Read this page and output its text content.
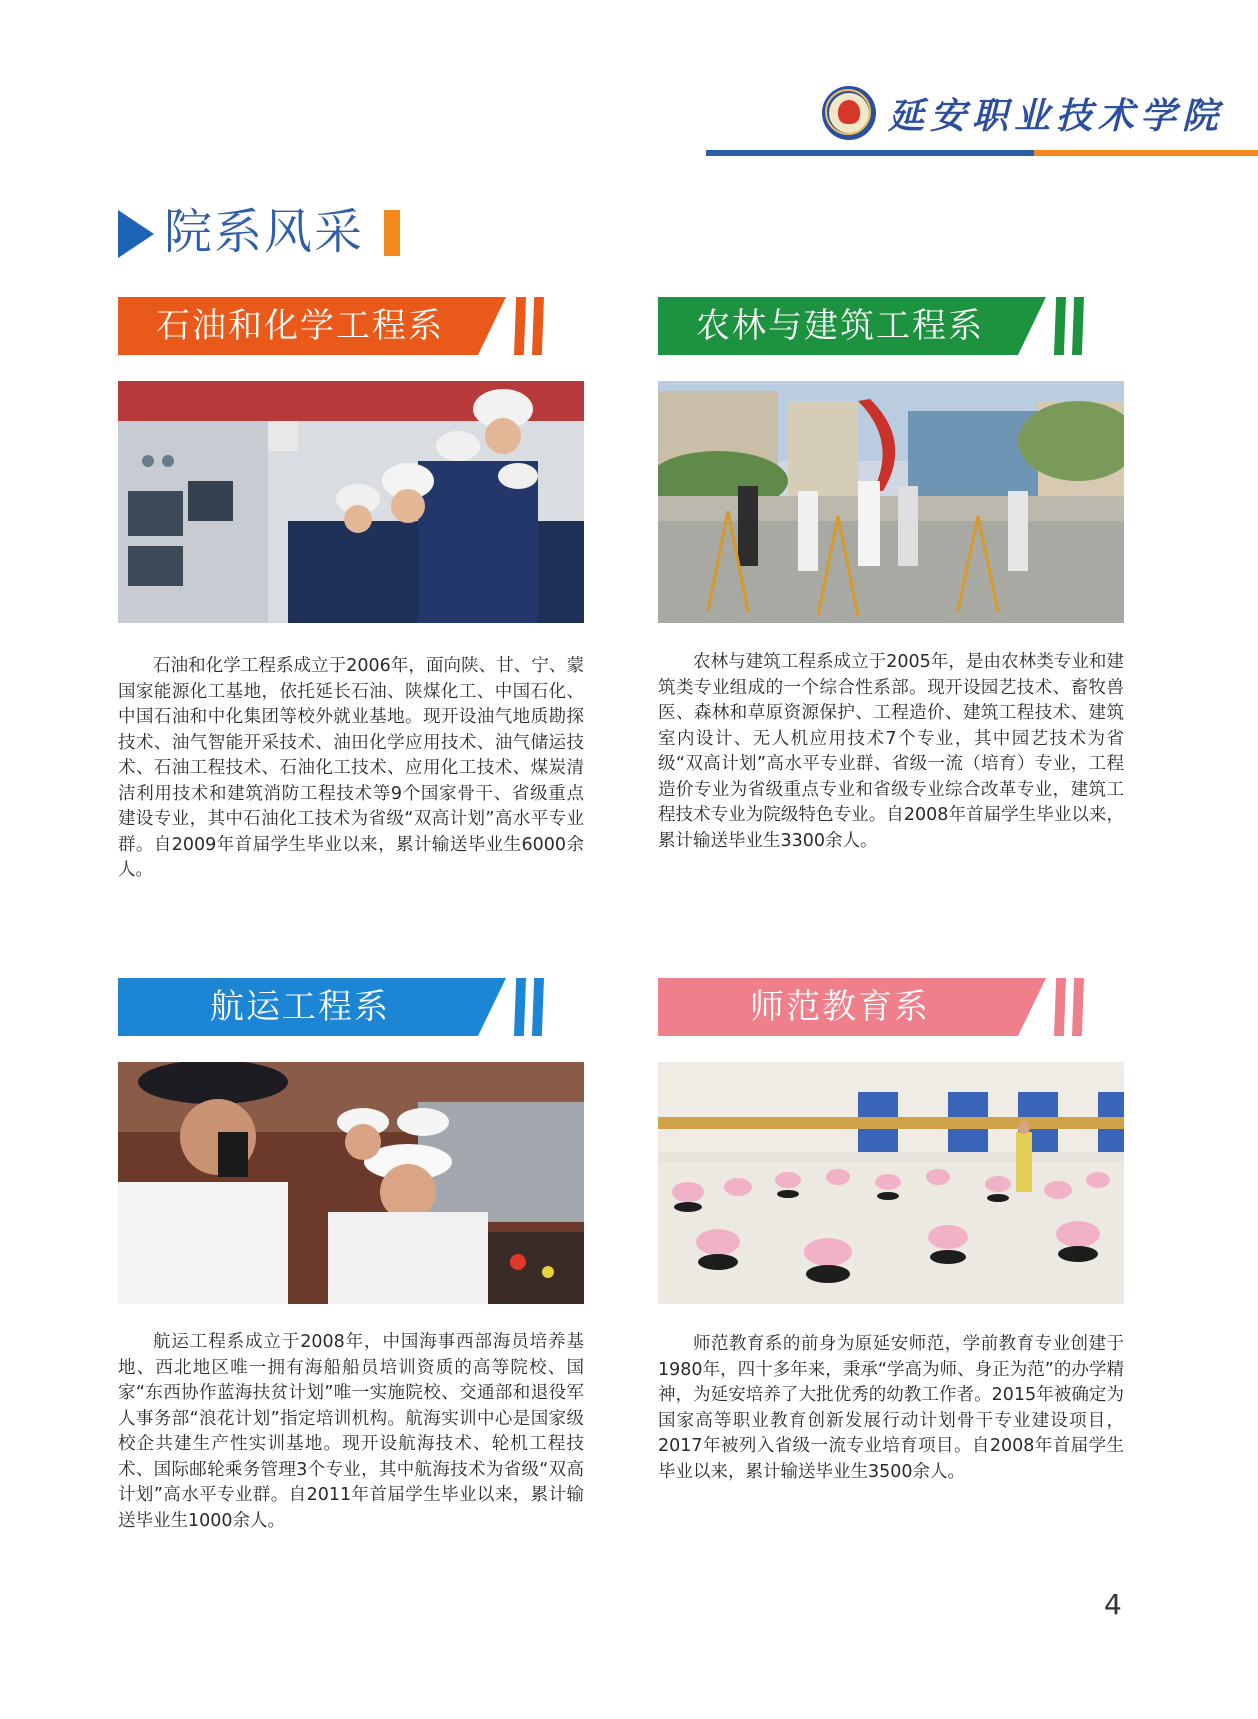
延安职业技术学院
院系风采
石油和化学工程系

石油和化学工程系成立于2006年，面向陕、甘、宁、蒙国家能源化工基地，依托延长石油、陕煤化工、中国石化、中国石油和中化集团等校外就业基地。现开设油气地质勘探技术、油气智能开采技术、油田化学应用技术、油气储运技术、石油工程技术、石油化工技术、应用化工技术、煤炭清洁利用技术和建筑消防工程技术等9个国家骨干、省级重点建设专业，其中石油化工技术为省级“双高计划”高水平专业群。自2009年首届学生毕业以来，累计输送毕业生6000余人。

农林与建筑工程系

农林与建筑工程系成立于2005年，是由农林类专业和建筑类专业组成的一个综合性系部。现开设园艺技术、畜牧兽医、森林和草原资源保护、工程造价、建筑工程技术、建筑室内设计、无人机应用技术7个专业，其中园艺技术为省级“双高计划”高水平专业群、省级一流（培育）专业，工程造价专业为省级重点专业和省级专业综合改革专业，建筑工程技术专业为院级特色专业。自2008年首届学生毕业以来，累计输送毕业生3300余人。

航运工程系

航运工程系成立于2008年，中国海事西部海员培养基地、西北地区唯一拥有海船船员培训资质的高等院校、国家“东西协作蓝海扶贫计划”唯一实施院校、交通部和退役军人事务部“浪花计划”指定培训机构。航海实训中心是国家级校企共建生产性实训基地。现开设航海技术、轮机工程技术、国际邮轮乘务管理3个专业，其中航海技术为省级“双高计划”高水平专业群。自2011年首届学生毕业以来，累计输送毕业生1000余人。

师范教育系

师范教育系的前身为原延安师范，学前教育专业创建于1980年，四十多年来，秉承“学高为师、身正为范”的办学精神，为延安培养了大批优秀的幼教工作者。2015年被确定为国家高等职业教育创新发展行动计划骨干专业建设项目，2017年被列入省级一流专业培育项目。自2008年首届学生毕业以来，累计输送毕业生3500余人。

4
